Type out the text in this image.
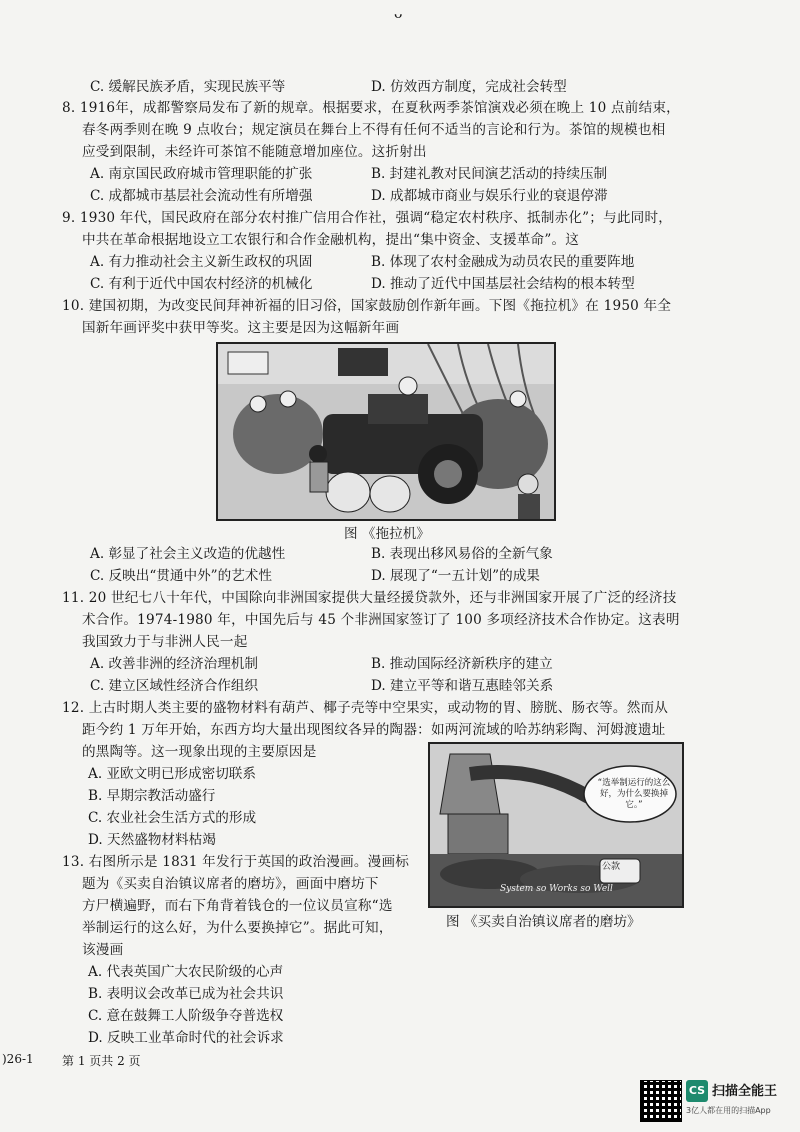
ᴗ
C. 缓解民族矛盾，实现民族平等	D. 仿效西方制度，完成社会转型
8. 1916年，成都警察局发布了新的规章。根据要求，在夏秋两季茶馆演戏必须在晚上 10 点前结束，
春冬两季则在晚 9 点收台；规定演员在舞台上不得有任何不适当的言论和行为。茶馆的规模也相
应受到限制，未经许可茶馆不能随意增加座位。这折射出
A. 南京国民政府城市管理职能的扩张	B. 封建礼教对民间演艺活动的持续压制
C. 成都城市基层社会流动性有所增强	D. 成都城市商业与娱乐行业的衰退停滞
9. 1930 年代，国民政府在部分农村推广信用合作社，强调“稳定农村秩序、抵制赤化”；与此同时，
中共在革命根据地设立工农银行和合作金融机构，提出“集中资金、支援革命”。这
A. 有力推动社会主义新生政权的巩固	B. 体现了农村金融成为动员农民的重要阵地
C. 有利于近代中国农村经济的机械化	D. 推动了近代中国基层社会结构的根本转型
10. 建国初期，为改变民间拜神祈福的旧习俗，国家鼓励创作新年画。下图《拖拉机》在 1950 年全
国新年画评奖中获甲等奖。这主要是因为这幅新年画
图 《拖拉机》
A. 彰显了社会主义改造的优越性	B. 表现出移风易俗的全新气象
C. 反映出“贯通中外”的艺术性	D. 展现了“一五计划”的成果
11. 20 世纪七八十年代，中国除向非洲国家提供大量经援贷款外，还与非洲国家开展了广泛的经济技
术合作。1974-1980 年，中国先后与 45 个非洲国家签订了 100 多项经济技术合作协定。这表明
我国致力于与非洲人民一起
A. 改善非洲的经济治理机制	B. 推动国际经济新秩序的建立
C. 建立区域性经济合作组织	D. 建立平等和谐互惠睦邻关系
12. 上古时期人类主要的盛物材料有葫芦、椰子壳等中空果实，或动物的胃、膀胱、肠衣等。然而从
距今约 1 万年开始，东西方均大量出现图纹各异的陶器：如两河流域的哈苏纳彩陶、河姆渡遗址
的黑陶等。这一现象出现的主要原因是
A. 亚欧文明已形成密切联系
B. 早期宗教活动盛行
C. 农业社会生活方式的形成
D. 天然盛物材料枯竭
13. 右图所示是 1831 年发行于英国的政治漫画。漫画标
题为《买卖自治镇议席者的磨坊》，画面中磨坊下
方尸横遍野，而右下角背着钱仓的一位议员宣称“选
举制运行的这么好，为什么要换掉它”。据此可知，
该漫画
A. 代表英国广大农民阶级的心声
B. 表明议会改革已成为社会共识
C. 意在鼓舞工人阶级争夺普选权
D. 反映工业革命时代的社会诉求
“选举制运行的这么好，为什么要换掉它。”
公款
System so Works so Well
图 《买卖自治镇议席者的磨坊》
)26-1 第 1 页共 2 页
CS 扫描全能王
3亿人都在用的扫描App
